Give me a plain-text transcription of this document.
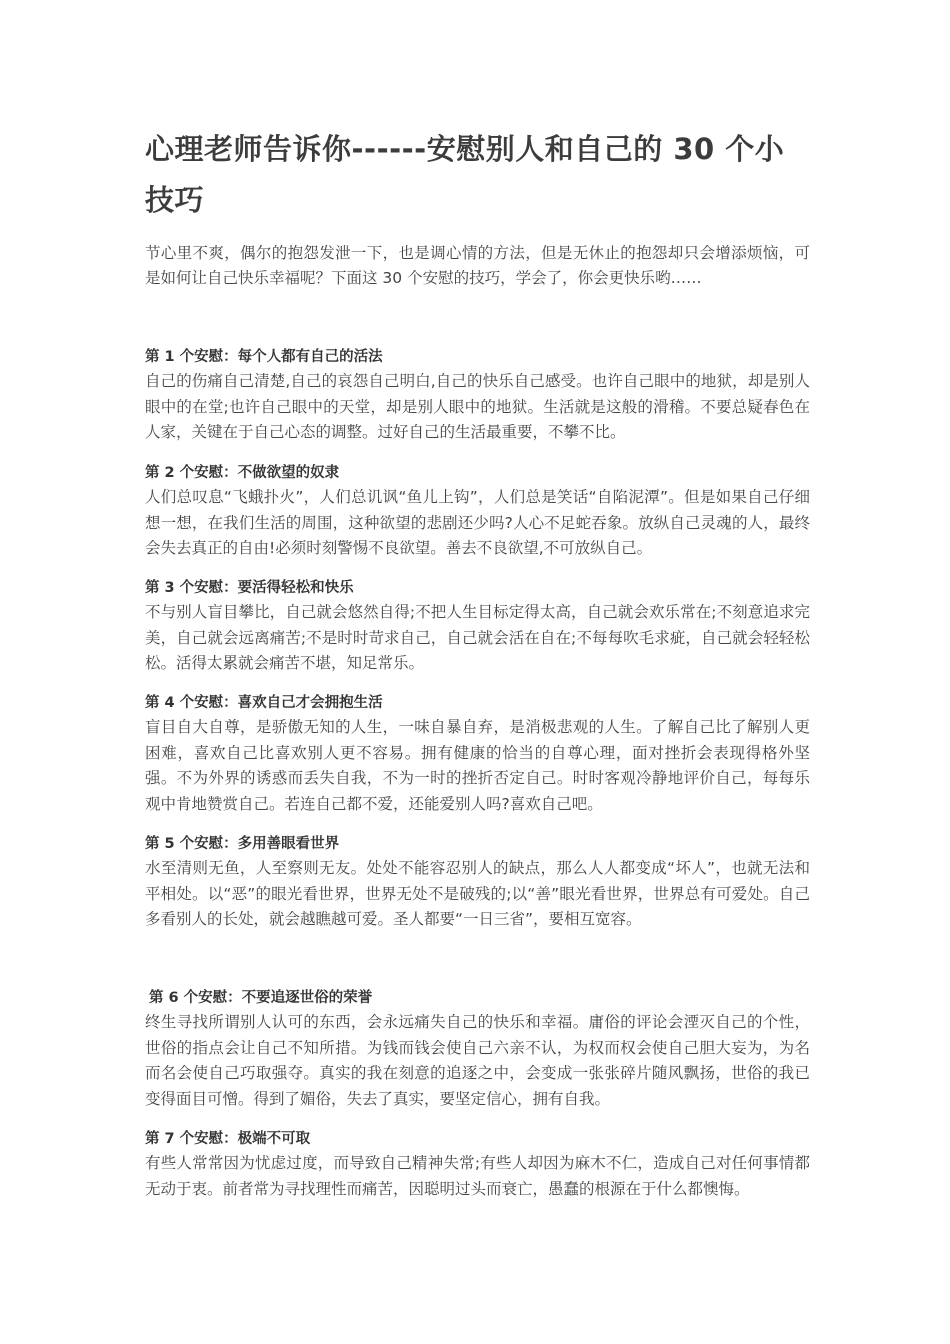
心理老师告诉你------安慰别人和自己的 30 个小技巧

节心里不爽，偶尔的抱怨发泄一下，也是调心情的方法，但是无休止的抱怨却只会增添烦恼，可是如何让自己快乐幸福呢？下面这 30 个安慰的技巧，学会了，你会更快乐哟……

第 1 个安慰：每个人都有自己的活法

自己的伤痛自己清楚,自己的哀怨自己明白,自己的快乐自己感受。也许自己眼中的地狱，却是别人眼中的在堂;也许自己眼中的天堂，却是别人眼中的地狱。生活就是这般的滑稽。不要总疑春色在人家，关键在于自己心态的调整。过好自己的生活最重要，不攀不比。

第 2 个安慰：不做欲望的奴隶

人们总叹息“飞蛾扑火”，人们总讥讽“鱼儿上钩”，人们总是笑话“自陷泥潭”。但是如果自己仔细想一想，在我们生活的周围，这种欲望的悲剧还少吗?人心不足蛇吞象。放纵自己灵魂的人，最终会失去真正的自由!必须时刻警惕不良欲望。善去不良欲望,不可放纵自己。

第 3 个安慰：要活得轻松和快乐

不与别人盲目攀比，自己就会悠然自得;不把人生目标定得太高，自己就会欢乐常在;不刻意追求完美，自己就会远离痛苦;不是时时苛求自己，自己就会活在自在;不每每吹毛求疵，自己就会轻轻松松。活得太累就会痛苦不堪，知足常乐。

第 4 个安慰：喜欢自己才会拥抱生活

盲目自大自尊，是骄傲无知的人生，一味自暴自弃，是消极悲观的人生。了解自己比了解别人更困难，喜欢自己比喜欢别人更不容易。拥有健康的恰当的自尊心理，面对挫折会表现得格外坚强。不为外界的诱惑而丢失自我，不为一时的挫折否定自己。时时客观冷静地评价自己，每每乐观中肯地赞赏自己。若连自己都不爱，还能爱别人吗?喜欢自己吧。

第 5 个安慰：多用善眼看世界

水至清则无鱼，人至察则无友。处处不能容忍别人的缺点，那么人人都变成“坏人”，也就无法和平相处。以“恶”的眼光看世界，世界无处不是破残的;以“善”眼光看世界，世界总有可爱处。自己多看别人的长处，就会越瞧越可爱。圣人都要“一日三省”，要相互宽容。

第 6 个安慰：不要追逐世俗的荣誉

终生寻找所谓别人认可的东西，会永远痛失自己的快乐和幸福。庸俗的评论会湮灭自己的个性，世俗的指点会让自己不知所措。为钱而钱会使自己六亲不认，为权而权会使自己胆大妄为，为名而名会使自己巧取强夺。真实的我在刻意的追逐之中，会变成一张张碎片随风飘扬，世俗的我已变得面目可憎。得到了媚俗，失去了真实，要坚定信心，拥有自我。

第 7 个安慰：极端不可取

有些人常常因为忧虑过度，而导致自己精神失常;有些人却因为麻木不仁，造成自己对任何事情都无动于衷。前者常为寻找理性而痛苦，因聪明过头而衰亡，愚蠢的根源在于什么都懊悔。
